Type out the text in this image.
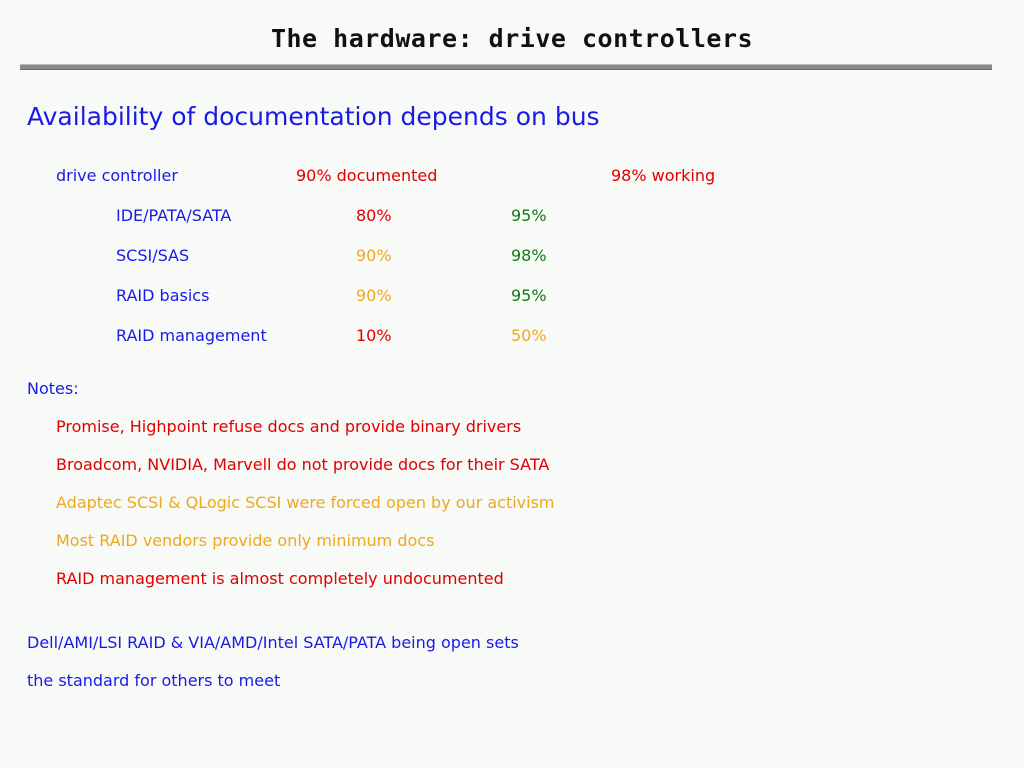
The hardware: drive controllers
Availability of documentation depends on bus
drive controller	90% documented	98% working
IDE/PATA/SATA	80%	95%
SCSI/SAS	90%	98%
RAID basics	90%	95%
RAID management	10%	50%
Notes:
Promise, Highpoint refuse docs and provide binary drivers
Broadcom, NVIDIA, Marvell do not provide docs for their SATA
Adaptec SCSI & QLogic SCSI were forced open by our activism
Most RAID vendors provide only minimum docs
RAID management is almost completely undocumented
Dell/AMI/LSI RAID & VIA/AMD/Intel SATA/PATA being open sets
the standard for others to meet
